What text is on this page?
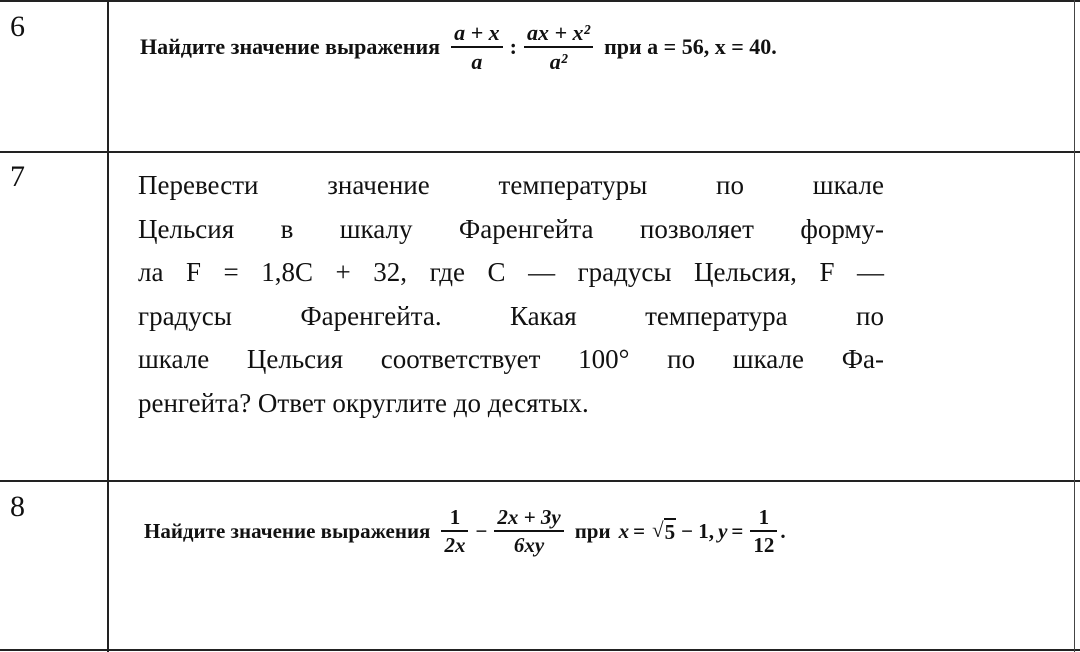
6
Найдите значение выражения $\frac{a + x}{a}$ : $\frac{\text{ax + x²}}{\text{a²}}$ при a = 56, x = 40.
7	Перевести значение температуры по шкале
Цельсия в шкалу Фаренгейта позволяет форму-
ла F = 1,8C + 32, где C — градусы Цельсия, F —
градусы Фаренгейта. Какая температура по
шкале Цельсия соответствует 100° по шкале Фа-
ренгейта? Ответ округлите до десятых.
8
Найдите значение выражения $\frac{1}{2x} - \frac{2x + 3y}{6xy}$ при x = √ 5 − 1, $y = \frac{1}{12}$ .
